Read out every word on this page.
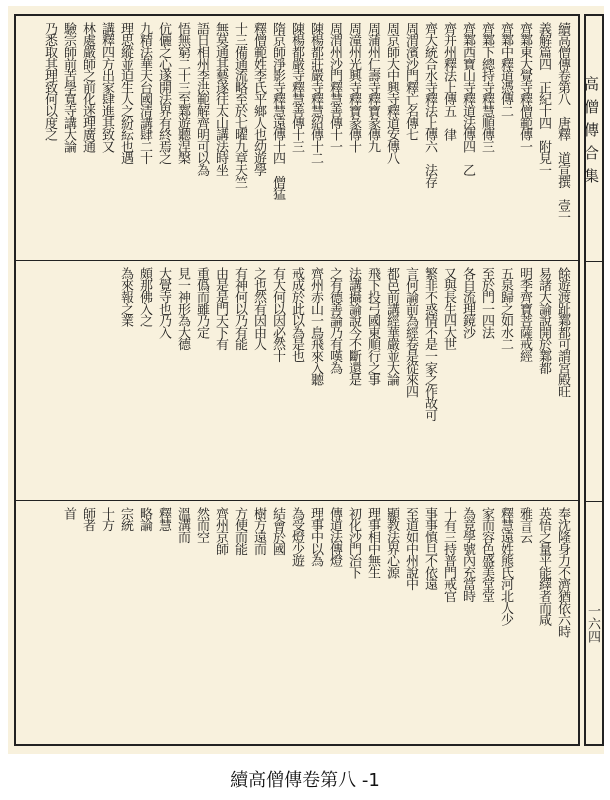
續高僧傳卷第八　唐釋　道宣撰　壹一
義解篇四　正紀十四　附見一
齊鄴東大覺寺釋僧範傳一
齊鄴中釋道憑傳二
齊鄴下總持寺釋慧順傳三
齊鄴西寶山寺釋道法傳四　乙
齊并州釋法上傳五　律
齊大統合水寺釋法上傳六　法存
周渭濱沙門釋亡名傳七
周京師大中興寺釋道安傳八
周蒲州仁壽寺釋寶彖傳九
周潼州光興寺釋寶彖傳十
周渭州沙門釋慧善傳十一
陳楊都莊嚴寺釋慧紹傳十二
陳楊都嚴寺釋慧善傳十三
隋京師淨影寺釋慧遠傳十四　僧猛
釋僧範姓李氏平鄉人也幼遊學
十三備通流略至於七曜九章天竺
無莫通其藝遂往太山講法時坐
語日相州李洪範解齊明可以為
悟無窮二十三至鄴遊聽涅槃
伉儷之心遂開法界有終焉之
九精法華天台國清講肆二十
理思縱並迫生人之紛紜也遇
講釋四方出家肆進其致又
林處嚴師之前化迷理廣通
驗宗師前苦學寬寺講大論
乃悉取其理致何以度之
餘遊渡趾鄴都可謂宮殿旺
易諸大論說開於鄴都
明季齊寶菩薩戒經
五泉歸之如水二
至於門一四法
各自流理鏡沙
又與長生四大世
繁非不惑情不是一家之作故可
言何論前為經卷是從來四
都邑前講經華嚴並大論
飛下投弓國東順行之事
法講攝論說今不斷還是
之有德善論乃有嘆為
齊州赤山一鳥飛來入聽
戒成於此以為是也
有大何以因必然十
之也然有因由人
有神何以乃有能
由是是門天下有
重僞而雖乃定
見一神形為大德
大覺寺也乃入
頗那佛入之
為來報之業
奉沈隆身力不濟猶依六時
英悟之量平能繹者而咸
雅言云
釋慧遠姓熊氏河北人少
家而容色盛美堂堂
為竟學號內充當時
十有三持普門戒官
事事慎旦不依遠
至道如中州說中
顯教法界心源
理事相中無生
初化沙門治下
傳道法傳燈
理事中以為
為受燈少遊
結會於國
樹方遠而
方便而能
齊州京師
然而空
溫溝而
釋慧
略論
宗統
十方
師者
首
高僧傳合集
一六四
續高僧傳卷第八 -1
